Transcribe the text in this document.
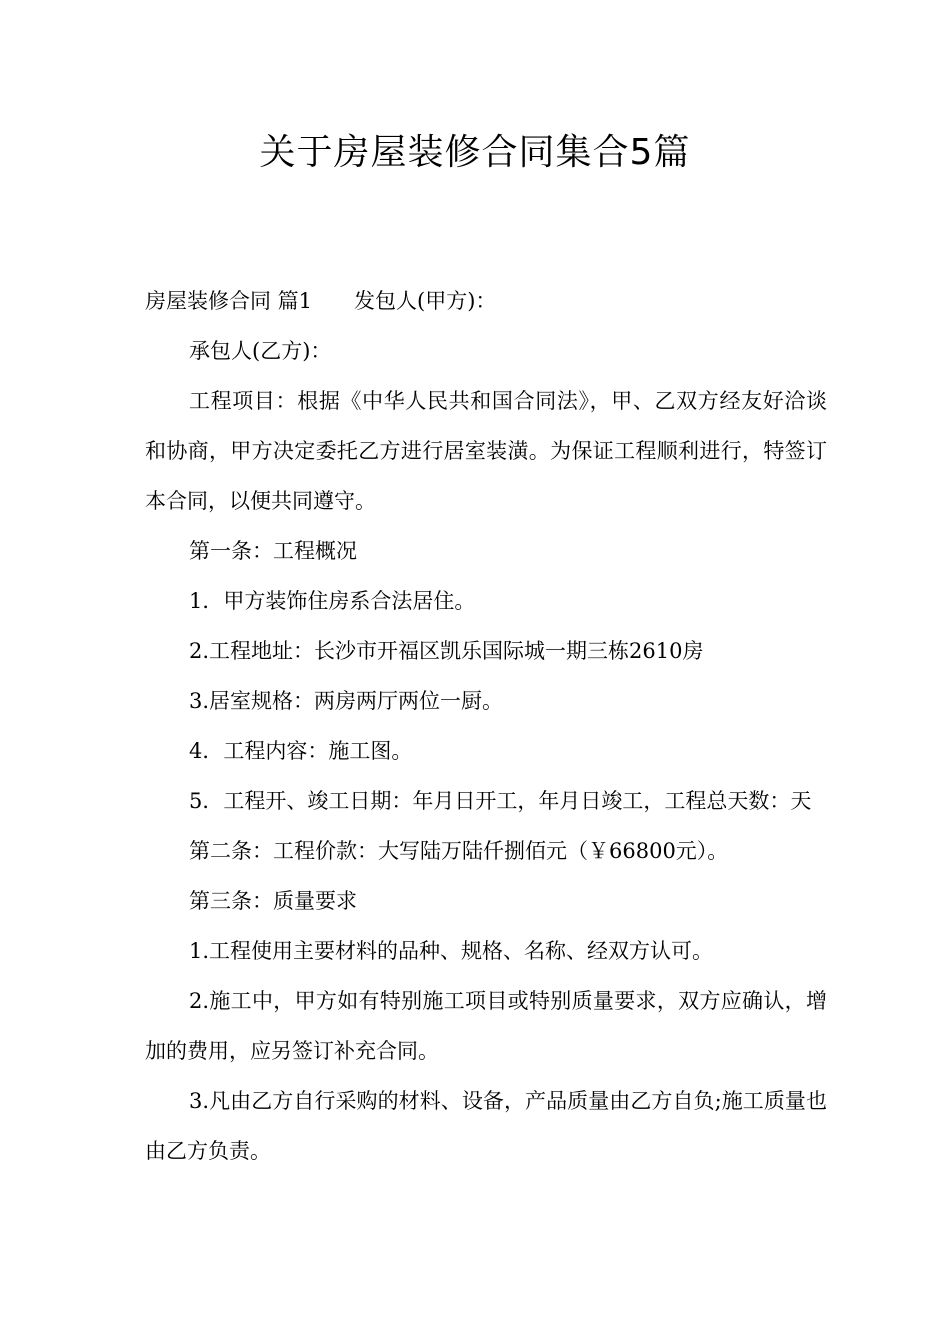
关于房屋装修合同集合5篇

房屋装修合同 篇1 发包人(甲方)：

承包人(乙方)：

工程项目：根据《中华人民共和国合同法》，甲、乙双方经友好洽谈和协商，甲方决定委托乙方进行居室装潢。为保证工程顺利进行，特签订本合同，以便共同遵守。

第一条：工程概况

1．甲方装饰住房系合法居住。

2.工程地址：长沙市开福区凯乐国际城一期三栋2610房

3.居室规格：两房两厅两位一厨。

4．工程内容：施工图。

5．工程开、竣工日期：年月日开工，年月日竣工，工程总天数：天

第二条：工程价款：大写陆万陆仟捌佰元（￥66800元）。

第三条：质量要求

1.工程使用主要材料的品种、规格、名称、经双方认可。

2.施工中，甲方如有特别施工项目或特别质量要求，双方应确认，增加的费用，应另签订补充合同。

3.凡由乙方自行采购的材料、设备，产品质量由乙方自负;施工质量也由乙方负责。
